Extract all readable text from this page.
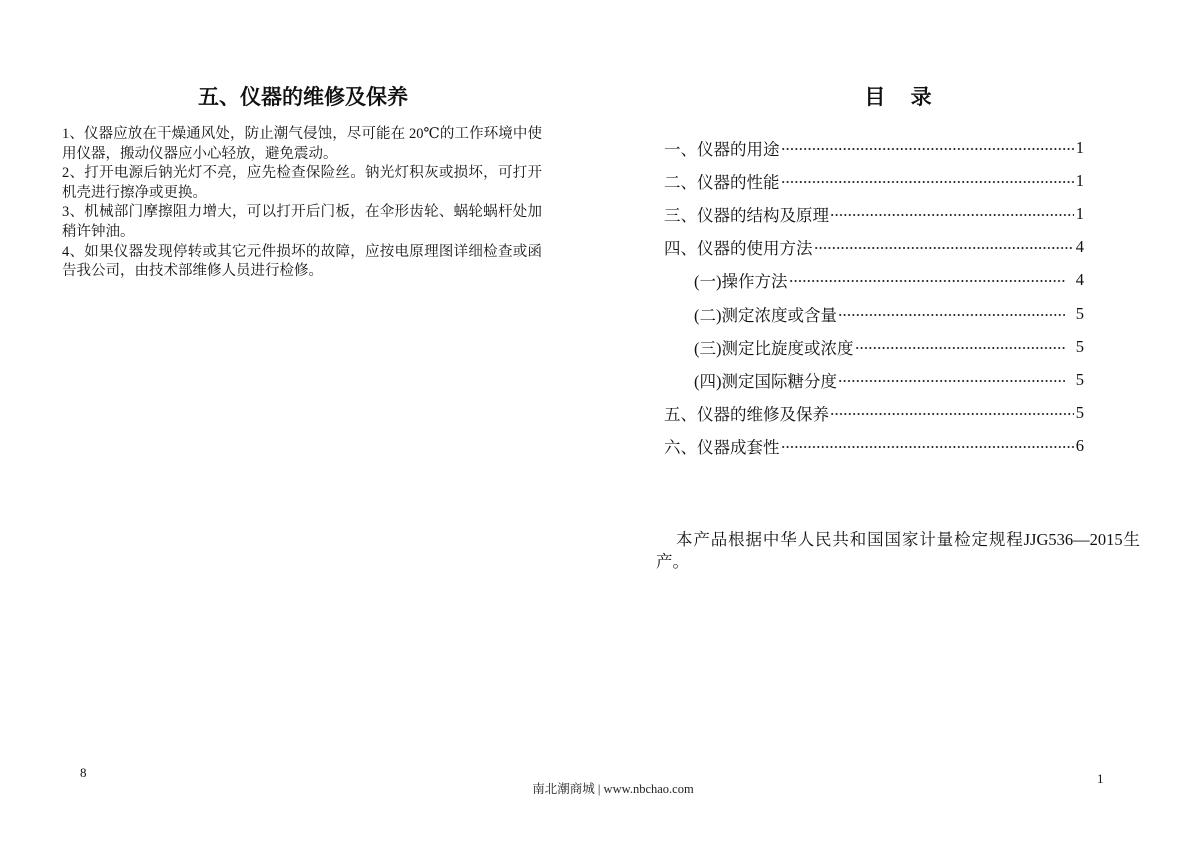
五、仪器的维修及保养

1、仪器应放在干燥通风处，防止潮气侵蚀，尽可能在 20℃的工作环境中使用仪器，搬动仪器应小心轻放，避免震动。

2、打开电源后钠光灯不亮，应先检查保险丝。钠光灯积灰或损坏，可打开机壳进行擦净或更换。

3、机械部门摩擦阻力增大，可以打开后门板，在伞形齿轮、蜗轮蜗杆处加稍许钟油。

4、如果仪器发现停转或其它元件损坏的故障，应按电原理图详细检查或函告我公司，由技术部维修人员进行检修。

8
目 录
一、仪器的用途	1
二、仪器的性能	1
三、仪器的结构及原理	1
四、仪器的使用方法	4
(一)操作方法	4
(二)测定浓度或含量	5
(三)测定比旋度或浓度	5
(四)测定国际糖分度	5
五、仪器的维修及保养	5
六、仪器成套性	6

本产品根据中华人民共和国国家计量检定规程JJG536—2015生产。

1
南北潮商城 | www.nbchao.com
